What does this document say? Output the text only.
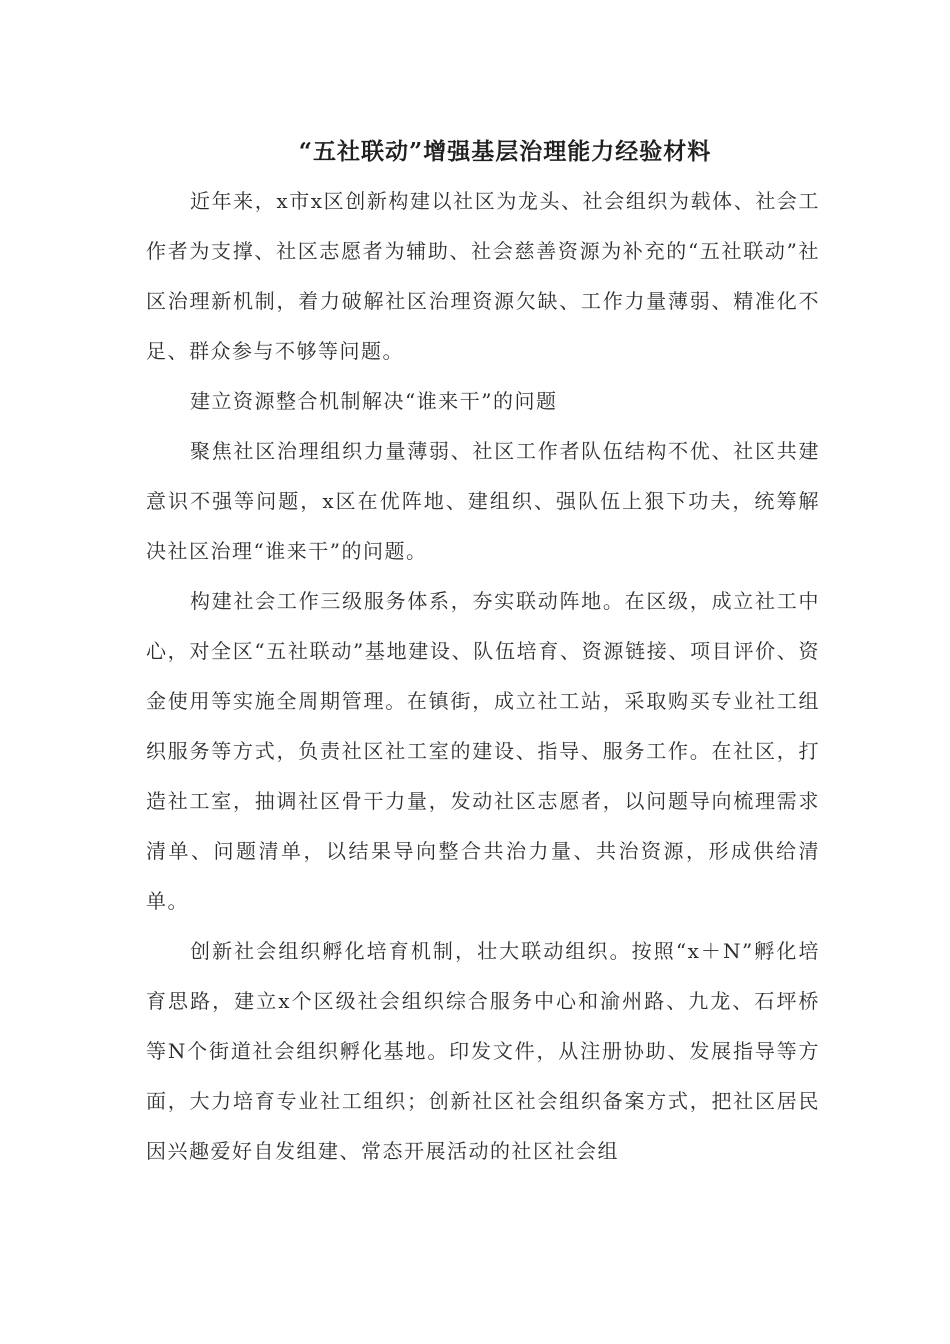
“五社联动”增强基层治理能力经验材料

近年来，x市x区创新构建以社区为龙头、社会组织为载体、社会工作者为支撑、社区志愿者为辅助、社会慈善资源为补充的“五社联动”社区治理新机制，着力破解社区治理资源欠缺、工作力量薄弱、精准化不足、群众参与不够等问题。

建立资源整合机制解决“谁来干”的问题

聚焦社区治理组织力量薄弱、社区工作者队伍结构不优、社区共建意识不强等问题，x区在优阵地、建组织、强队伍上狠下功夫，统筹解决社区治理“谁来干”的问题。

构建社会工作三级服务体系，夯实联动阵地。在区级，成立社工中心，对全区“五社联动”基地建设、队伍培育、资源链接、项目评价、资金使用等实施全周期管理。在镇街，成立社工站，采取购买专业社工组织服务等方式，负责社区社工室的建设、指导、服务工作。在社区，打造社工室，抽调社区骨干力量，发动社区志愿者，以问题导向梳理需求清单、问题清单，以结果导向整合共治力量、共治资源，形成供给清单。

创新社会组织孵化培育机制，壮大联动组织。按照“x＋N”孵化培育思路，建立x个区级社会组织综合服务中心和渝州路、九龙、石坪桥等N个街道社会组织孵化基地。印发文件，从注册协助、发展指导等方面，大力培育专业社工组织；创新社区社会组织备案方式，把社区居民因兴趣爱好自发组建、常态开展活动的社区社会组
